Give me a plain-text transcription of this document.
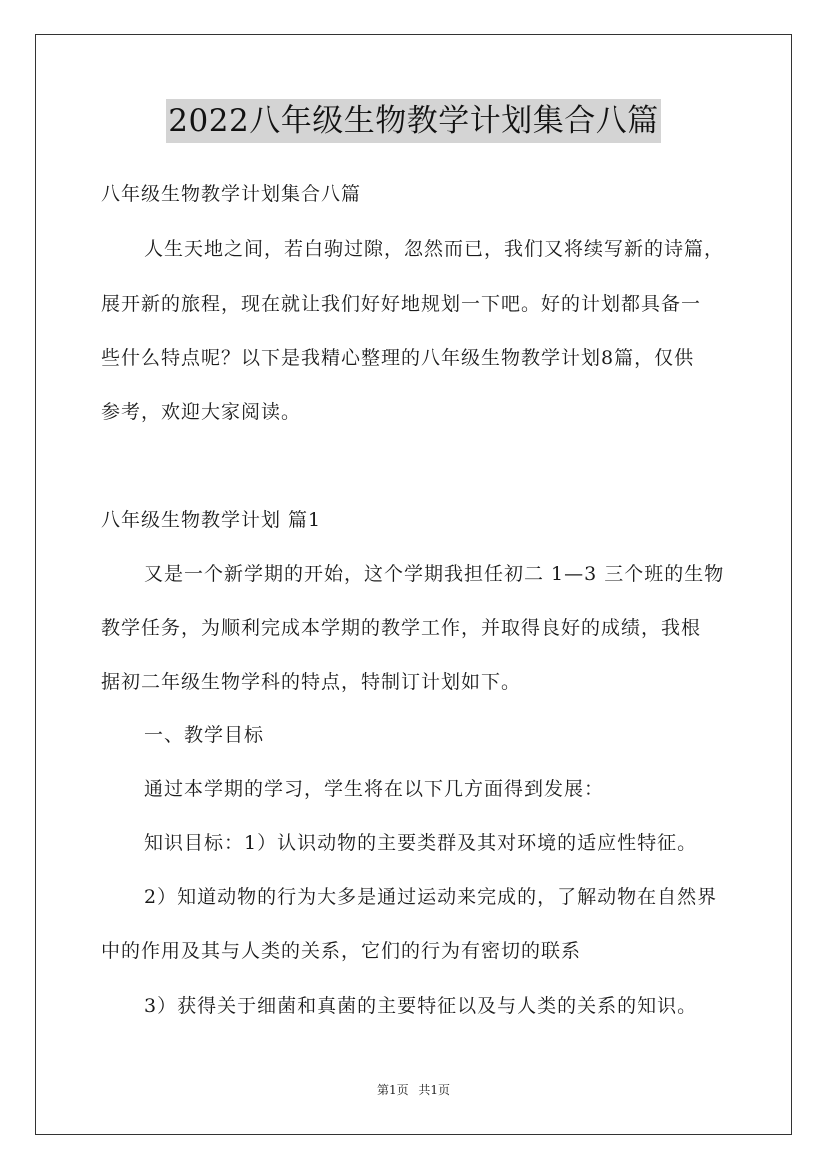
2022八年级生物教学计划集合八篇
八年级生物教学计划集合八篇
人生天地之间，若白驹过隙，忽然而已，我们又将续写新的诗篇，
展开新的旅程，现在就让我们好好地规划一下吧。好的计划都具备一
些什么特点呢？以下是我精心整理的八年级生物教学计划8篇，仅供
参考，欢迎大家阅读。
八年级生物教学计划 篇1
又是一个新学期的开始，这个学期我担任初二 1—3 三个班的生物
教学任务，为顺利完成本学期的教学工作，并取得良好的成绩，我根
据初二年级生物学科的特点，特制订计划如下。
一、教学目标
通过本学期的学习，学生将在以下几方面得到发展：
知识目标：1）认识动物的主要类群及其对环境的适应性特征。
2）知道动物的行为大多是通过运动来完成的，了解动物在自然界
中的作用及其与人类的关系，它们的行为有密切的联系
3）获得关于细菌和真菌的主要特征以及与人类的关系的知识。
第1页 共1页
